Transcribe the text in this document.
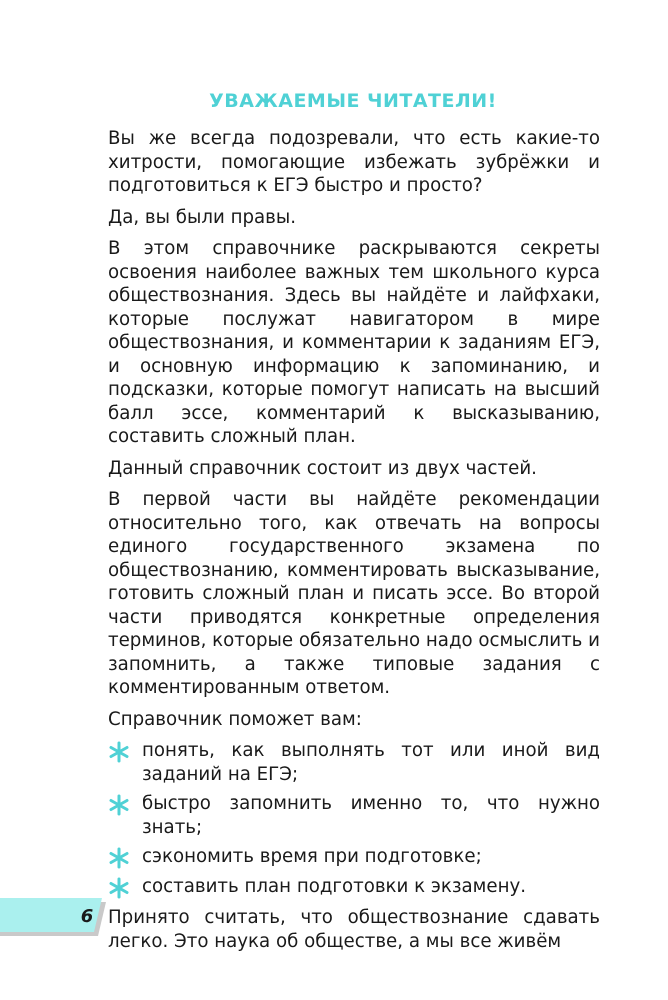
УВАЖАЕМЫЕ ЧИТАТЕЛИ!

Вы же всегда подозревали, что есть какие-то хитрости, помогающие избежать зубрёжки и подготовиться к ЕГЭ быстро и просто?

Да, вы были правы.

В этом справочнике раскрываются секреты освоения наиболее важных тем школьного курса обществознания. Здесь вы найдёте и лайфхаки, которые послужат навигатором в мире обществознания, и комментарии к заданиям ЕГЭ, и основную информацию к запоминанию, и подсказки, которые помогут написать на высший балл эссе, комментарий к высказыванию, составить сложный план.

Данный справочник состоит из двух частей.

В первой части вы найдёте рекомендации относительно того, как отвечать на вопросы единого государственного экзамена по обществознанию, комментировать высказывание, готовить сложный план и писать эссе. Во второй части приводятся конкретные определения терминов, которые обязательно надо осмыслить и запомнить, а также типовые задания с комментированным ответом.

Справочник поможет вам:

понять, как выполнять тот или иной вид заданий на ЕГЭ;
быстро запомнить именно то, что нужно знать;
сэкономить время при подготовке;
составить план подготовки к экзамену.

Принято считать, что обществознание сдавать легко. Это наука об обществе, а мы все живём

6
